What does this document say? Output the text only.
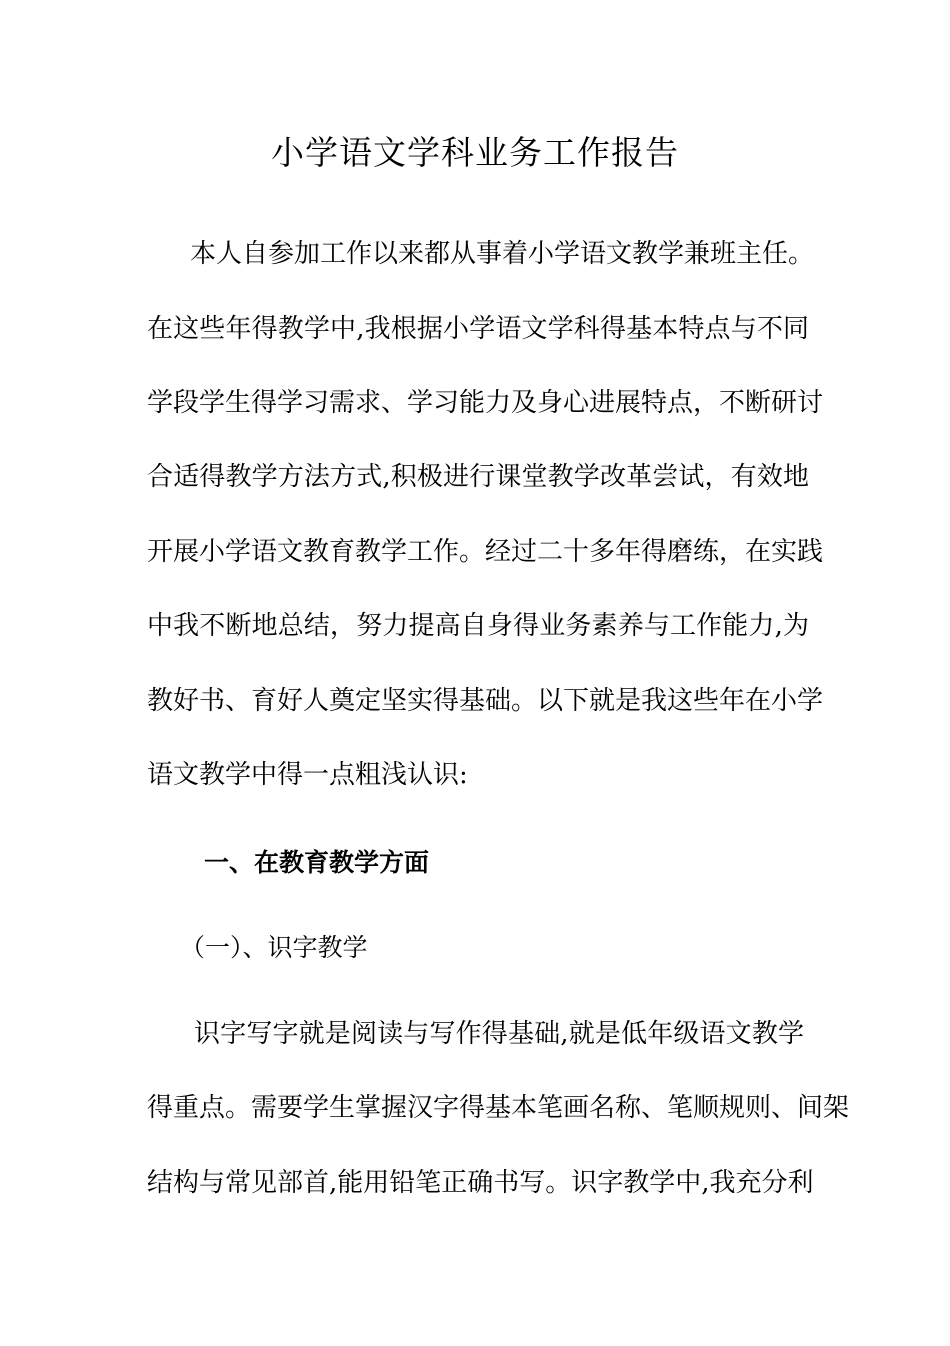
小学语文学科业务工作报告

本人自参加工作以来都从事着小学语文教学兼班主任。

在这些年得教学中,我根据小学语文学科得基本特点与不同

学段学生得学习需求、学习能力及身心进展特点，不断研讨

合适得教学方法方式,积极进行课堂教学改革尝试，有效地

开展小学语文教育教学工作。经过二十多年得磨练，在实践

中我不断地总结，努力提高自身得业务素养与工作能力,为

教好书、育好人奠定坚实得基础。以下就是我这些年在小学

语文教学中得一点粗浅认识:

一、在教育教学方面
（一）、识字教学

识字写字就是阅读与写作得基础,就是低年级语文教学

得重点。需要学生掌握汉字得基本笔画名称、笔顺规则、间架

结构与常见部首,能用铅笔正确书写。识字教学中,我充分利
